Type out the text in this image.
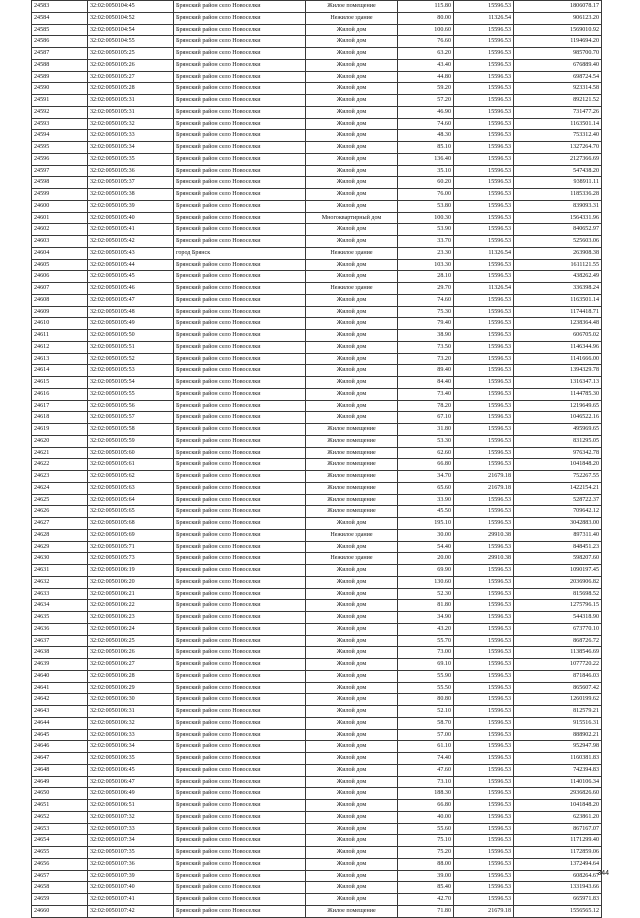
24583	32:02:0050104:45	Брянский район село Новоселки	Жилое помещение	115.80	15596.53	1806078.17
24584	32:02:0050104:52	Брянский район село Новоселки	Нежилое здание	80.00	11326.54	906123.20
24585	32:02:0050104:54	Брянский район село Новоселки	Жилой дом	100.60	15596.53	1569010.92
24586	32:02:0050104:55	Брянский район село Новоселки	Жилой дом	76.60	15596.53	1194694.20
24587	32:02:0050105:25	Брянский район село Новоселки	Жилой дом	63.20	15596.53	985700.70
24588	32:02:0050105:26	Брянский район село Новоселки	Жилой дом	43.40	15596.53	676889.40
24589	32:02:0050105:27	Брянский район село Новоселки	Жилой дом	44.80	15596.53	698724.54
24590	32:02:0050105:28	Брянский район село Новоселки	Жилой дом	59.20	15596.53	923314.58
24591	32:02:0050105:31	Брянский район село Новоселки	Жилой дом	57.20	15596.53	892121.52
24592	32:02:0050105:31	Брянский район село Новоселки	Жилой дом	46.90	15596.53	731477.26
24593	32:02:0050105:32	Брянский район село Новоселки	Жилой дом	74.60	15596.53	1163501.14
24594	32:02:0050105:33	Брянский район село Новоселки	Жилой дом	48.30	15596.53	753312.40
24595	32:02:0050105:34	Брянский район село Новоселки	Жилой дом	85.10	15596.53	1327264.70
24596	32:02:0050105:35	Брянский район село Новоселки	Жилой дом	136.40	15596.53	2127366.69
24597	32:02:0050105:36	Брянский район село Новоселки	Жилой дом	35.10	15596.53	547438.20
24598	32:02:0050105:37	Брянский район село Новоселки	Жилой дом	60.20	15596.53	938911.11
24599	32:02:0050105:38	Брянский район село Новоселки	Жилой дом	76.00	15596.53	1185336.28
24600	32:02:0050105:39	Брянский район село Новоселки	Жилой дом	53.80	15596.53	839093.31
24601	32:02:0050105:40	Брянский район село Новоселки	Многоквартирный дом	100.30	15596.53	1564331.96
24602	32:02:0050105:41	Брянский район село Новоселки	Жилой дом	53.90	15596.53	840652.97
24603	32:02:0050105:42	Брянский район село Новоселки	Жилой дом	33.70	15596.53	525603.06
24604	32:02:0050105:43	город Брянск	Нежилое здание	23.30	11326.54	263908.38
24605	32:02:0050105:44	Брянский район село Новоселки	Жилой дом	103.30	15596.53	1611121.55
24606	32:02:0050105:45	Брянский район село Новоселки	Жилой дом	28.10	15596.53	438262.49
24607	32:02:0050105:46	Брянский район село Новоселки	Нежилое здание	29.70	11326.54	336398.24
24608	32:02:0050105:47	Брянский район село Новоселки	Жилой дом	74.60	15596.53	1163501.14
24609	32:02:0050105:48	Брянский район село Новоселки	Жилой дом	75.30	15596.53	1174418.71
24610	32:02:0050105:49	Брянский район село Новоселки	Жилой дом	79.40	15596.53	1238364.48
24611	32:02:0050105:50	Брянский район село Новоселки	Жилой дом	38.90	15596.53	606705.02
24612	32:02:0050105:51	Брянский район село Новоселки	Жилой дом	73.50	15596.53	1146344.96
24613	32:02:0050105:52	Брянский район село Новоселки	Жилой дом	73.20	15596.53	1141666.00
24614	32:02:0050105:53	Брянский район село Новоселки	Жилой дом	89.40	15596.53	1394329.78
24615	32:02:0050105:54	Брянский район село Новоселки	Жилой дом	84.40	15596.53	1316347.13
24616	32:02:0050105:55	Брянский район село Новоселки	Жилой дом	73.40	15596.53	1144785.30
24617	32:02:0050105:56	Брянский район село Новоселки	Жилой дом	78.20	15596.53	1219649.65
24618	32:02:0050105:57	Брянский район село Новоселки	Жилой дом	67.10	15596.53	1046522.16
24619	32:02:0050105:58	Брянский район село Новоселки	Жилое помещение	31.80	15596.53	495969.65
24620	32:02:0050105:59	Брянский район село Новоселки	Жилое помещение	53.30	15596.53	831295.05
24621	32:02:0050105:60	Брянский район село Новоселки	Жилое помещение	62.60	15596.53	976342.78
24622	32:02:0050105:61	Брянский район село Новоселки	Жилое помещение	66.80	15596.53	1041848.20
24623	32:02:0050105:62	Брянский район село Новоселки	Жилое помещение	34.70	21679.18	752267.55
24624	32:02:0050105:63	Брянский район село Новоселки	Жилое помещение	65.60	21679.18	1422154.21
24625	32:02:0050105:64	Брянский район село Новоселки	Жилое помещение	33.90	15596.53	528722.37
24626	32:02:0050105:65	Брянский район село Новоселки	Жилое помещение	45.50	15596.53	709642.12
24627	32:02:0050105:68	Брянский район село Новоселки	Жилой дом	195.10	15596.53	3042883.00
24628	32:02:0050105:69	Брянский район село Новоселки	Нежилое здание	30.00	29910.38	897311.40
24629	32:02:0050105:71	Брянский район село Новоселки	Жилой дом	54.40	15596.53	848451.23
24630	32:02:0050105:73	Брянский район село Новоселки	Нежилое здание	20.00	29910.38	598207.60
24631	32:02:0050106:19	Брянский район село Новоселки	Жилой дом	69.90	15596.53	1090197.45
24632	32:02:0050106:20	Брянский район село Новоселки	Жилой дом	130.60	15596.53	2036906.82
24633	32:02:0050106:21	Брянский район село Новоселки	Жилой дом	52.30	15596.53	815698.52
24634	32:02:0050106:22	Брянский район село Новоселки	Жилой дом	81.80	15596.53	1275796.15
24635	32:02:0050106:23	Брянский район село Новоселки	Жилой дом	34.90	15596.53	544318.90
24636	32:02:0050106:24	Брянский район село Новоселки	Жилой дом	43.20	15596.53	673770.10
24637	32:02:0050106:25	Брянский район село Новоселки	Жилой дом	55.70	15596.53	868726.72
24638	32:02:0050106:26	Брянский район село Новоселки	Жилой дом	73.00	15596.53	1138546.69
24639	32:02:0050106:27	Брянский район село Новоселки	Жилой дом	69.10	15596.53	1077720.22
24640	32:02:0050106:28	Брянский район село Новоселки	Жилой дом	55.90	15596.53	871846.03
24641	32:02:0050106:29	Брянский район село Новоселки	Жилой дом	55.50	15596.53	865607.42
24642	32:02:0050106:30	Брянский район село Новоселки	Жилой дом	80.80	15596.53	1260199.62
24643	32:02:0050106:31	Брянский район село Новоселки	Жилой дом	52.10	15596.53	812579.21
24644	32:02:0050106:32	Брянский район село Новоселки	Жилой дом	58.70	15596.53	915516.31
24645	32:02:0050106:33	Брянский район село Новоселки	Жилой дом	57.00	15596.53	888902.21
24646	32:02:0050106:34	Брянский район село Новоселки	Жилой дом	61.10	15596.53	952947.98
24647	32:02:0050106:35	Брянский район село Новоселки	Жилой дом	74.40	15596.53	1160381.83
24648	32:02:0050106:45	Брянский район село Новоселки	Жилой дом	47.60	15596.53	742394.83
24649	32:02:0050106:47	Брянский район село Новоселки	Жилой дом	73.10	15596.53	1140106.34
24650	32:02:0050106:49	Брянский район село Новоселки	Жилой дом	188.30	15596.53	2936826.60
24651	32:02:0050106:51	Брянский район село Новоселки	Жилой дом	66.80	15596.53	1041848.20
24652	32:02:0050107:32	Брянский район село Новоселки	Жилой дом	40.00	15596.53	623861.20
24653	32:02:0050107:33	Брянский район село Новоселки	Жилой дом	55.60	15596.53	867167.07
24654	32:02:0050107:34	Брянский район село Новоселки	Жилой дом	75.10	15596.53	1171299.40
24655	32:02:0050107:35	Брянский район село Новоселки	Жилой дом	75.20	15596.53	1172859.06
24656	32:02:0050107:36	Брянский район село Новоселки	Жилой дом	88.00	15596.53	1372494.64
24657	32:02:0050107:39	Брянский район село Новоселки	Жилой дом	39.00	15596.53	608264.67
24658	32:02:0050107:40	Брянский район село Новоселки	Жилой дом	85.40	15596.53	1331943.66
24659	32:02:0050107:41	Брянский район село Новоселки	Жилой дом	42.70	15596.53	665971.83
24660	32:02:0050107:42	Брянский район село Новоселки	Жилое помещение	71.80	21679.18	1556565.12
344
